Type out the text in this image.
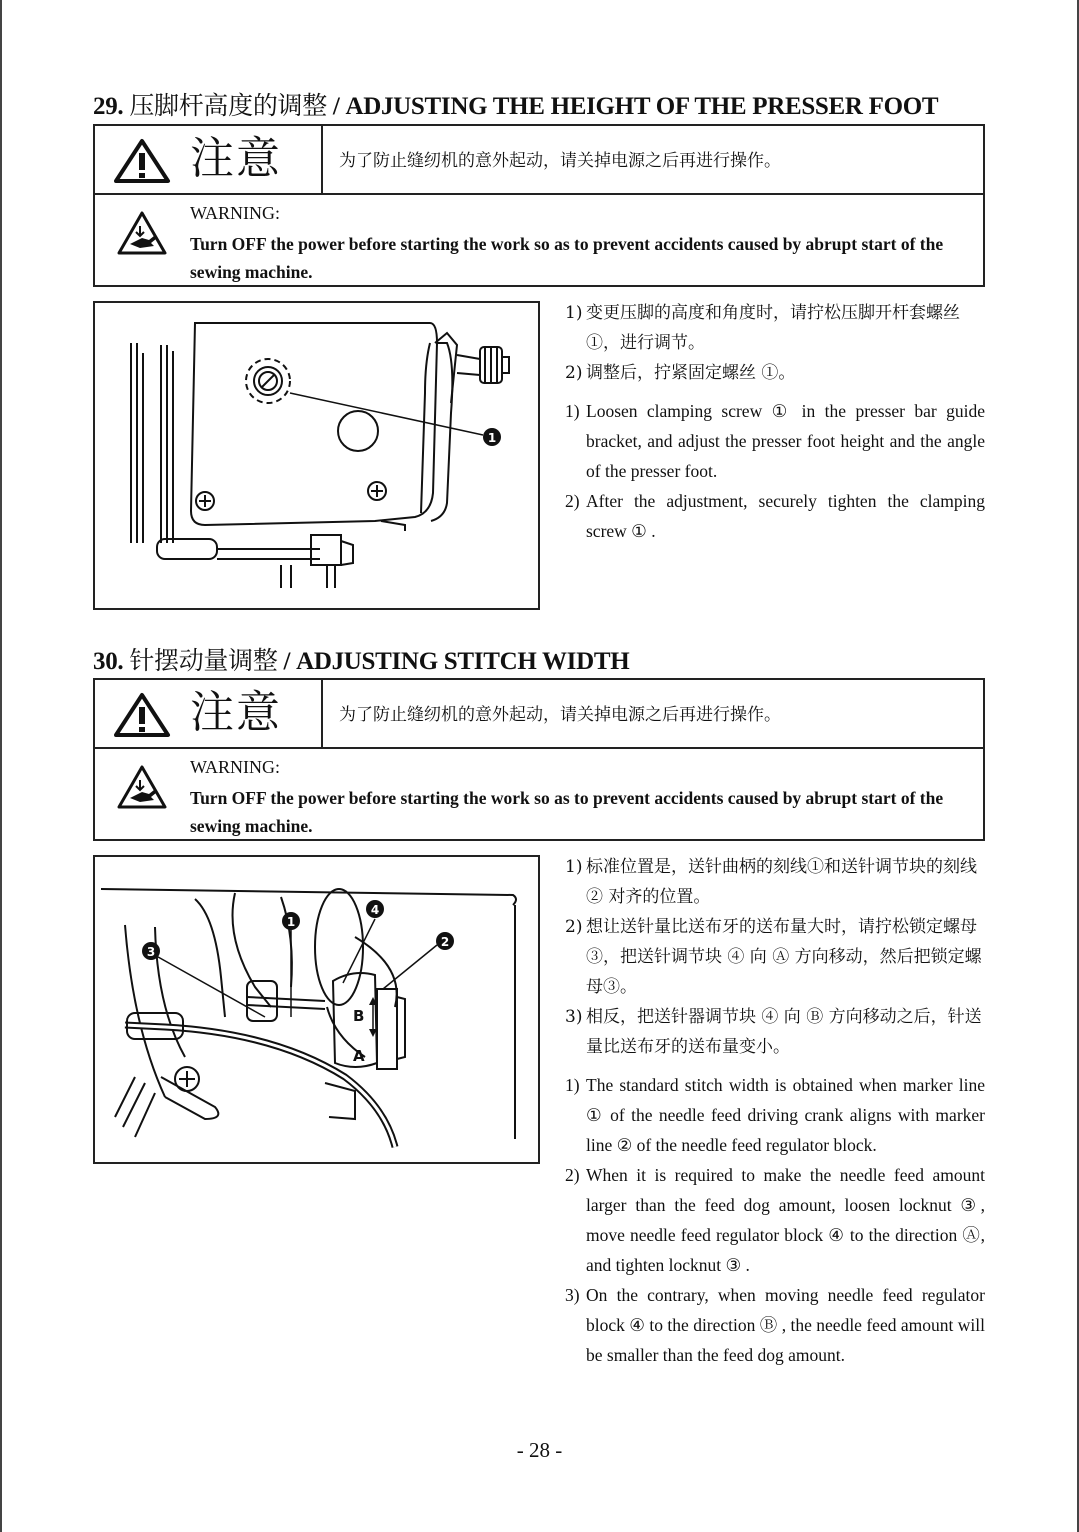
29. 压脚杆高度的调整 / ADJUSTING THE HEIGHT OF THE PRESSER FOOT
注意	为了防止缝纫机的意外起动，请关掉电源之后再进行操作。
WARNING:
Turn OFF the power before starting the work so as to prevent accidents caused by abrupt start of the sewing machine.
1

1) 变更压脚的高度和角度时，请拧松压脚开杆套螺丝 ①，进行调节。

2) 调整后，拧紧固定螺丝 ①。

1) Loosen clamping screw ① in the presser bar guide bracket, and adjust the presser foot height and the angle of the presser foot.

2) After the adjustment, securely tighten the clamping screw ① .

30. 针摆动量调整 / ADJUSTING STITCH WIDTH
注意	为了防止缝纫机的意外起动，请关掉电源之后再进行操作。
WARNING:
Turn OFF the power before starting the work so as to prevent accidents caused by abrupt start of the sewing machine.
3
1
4
2
B
A

1) 标准位置是，送针曲柄的刻线①和送针调节块的刻线 ② 对齐的位置。

2) 想让送针量比送布牙的送布量大时，请拧松锁定螺母 ③，把送针调节块 ④ 向 Ⓐ 方向移动，然后把锁定螺母③。

3) 相反，把送针器调节块 ④ 向 Ⓑ 方向移动之后，针送量比送布牙的送布量变小。

1) The standard stitch width is obtained when marker line ① of the needle feed driving crank aligns with marker line ② of the needle feed regulator block.

2) When it is required to make the needle feed amount larger than the feed dog amount, loosen locknut ③, move needle feed regulator block ④ to the direction Ⓐ, and tighten locknut ③ .

3) On the contrary, when moving needle feed regulator block ④ to the direction Ⓑ , the needle feed amount will be smaller than the feed dog amount.

- 28 -
